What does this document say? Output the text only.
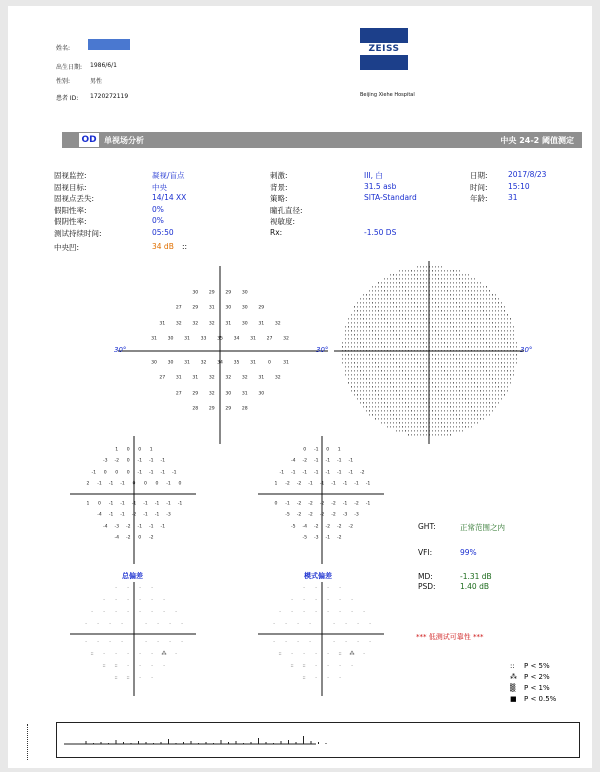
姓名:
出生日期: 1986/6/1
性别:	男性
患者 ID: 1720272119
ZEISS
Beijing Xiehe Hospital
OD 单视场分析	中央 24-2 阈值测定
固视监控:	凝视/盲点
固视目标:	中央
固视点丢失:	14/14 XX
假阳性率:	0%
假阴性率:	0%
测试持续时间:	05:50
刺激:	III, 白
背景:	31.5 asb
策略:	SITA-Standard
瞳孔直径:
视敏度:
Rx:	-1.50 DS
日期:	2017/8/23
时间:	15:10
年龄:	31
中央凹:	34 dB ::
30°	30°	30°
30 29 29 30
27 29 31 30 30 29
31 32 32 32 31 30 31 32
31 30 31 33 35 34 31 27 32
30 30 31 32 34 35 31	0	31
27 31 31 32 32 32 31 32
27 29 32 30 31 30
28 29 29 28
1 0 0 1
-3 -2 0 -1 -1 -1
-1 0 0 0 -1 -1 -1 -1
2 -1 -1 -1 0 0 0 -1 0
1 0 -1 -1 -1 -1 -1 -1 -1
-4 -1 -1 -2 -1 -1 -3
-4 -3 -2 -1 -1 -1
-4 -2 0 -2
总偏差
0 -1 0 1
-4 -2 -1 -1 -1 -1
-1 -1 -1 -1 -1 -1 -1 -2
1 -2 -2 -1 -1 -1 -1 -1 -1
0 -1 -2 -2 -2 -2 -1 -2 -1
-5 -2 -2 -2 -2 -3 -3
-5 -4 -2 -2 -2 -2
-5 -3 -1 -2
模式偏差
· · · ·
· · · · · ·
· · · · · · · ·
· · · ·	· · · ·
· · · ·	· · · ·
:: · · · · · ⁂ ·
:: :: · · · ·
:: :: · ·
· · · ·
· · · · · ·
· · · · · · · ·
· · · ·	· · · ·
· · · ·	· · · ·
:: · · · · :: ⁂ ·
:: :: · · · ·
:: · · ·
GHT:	正常范围之内
VFI:	99%
MD:	-1.31 dB
PSD:	1.40 dB
*** 低测试可靠性 ***
:: P < 5%
⁂ P < 2%
▒ P < 1%
■ P < 0.5%
